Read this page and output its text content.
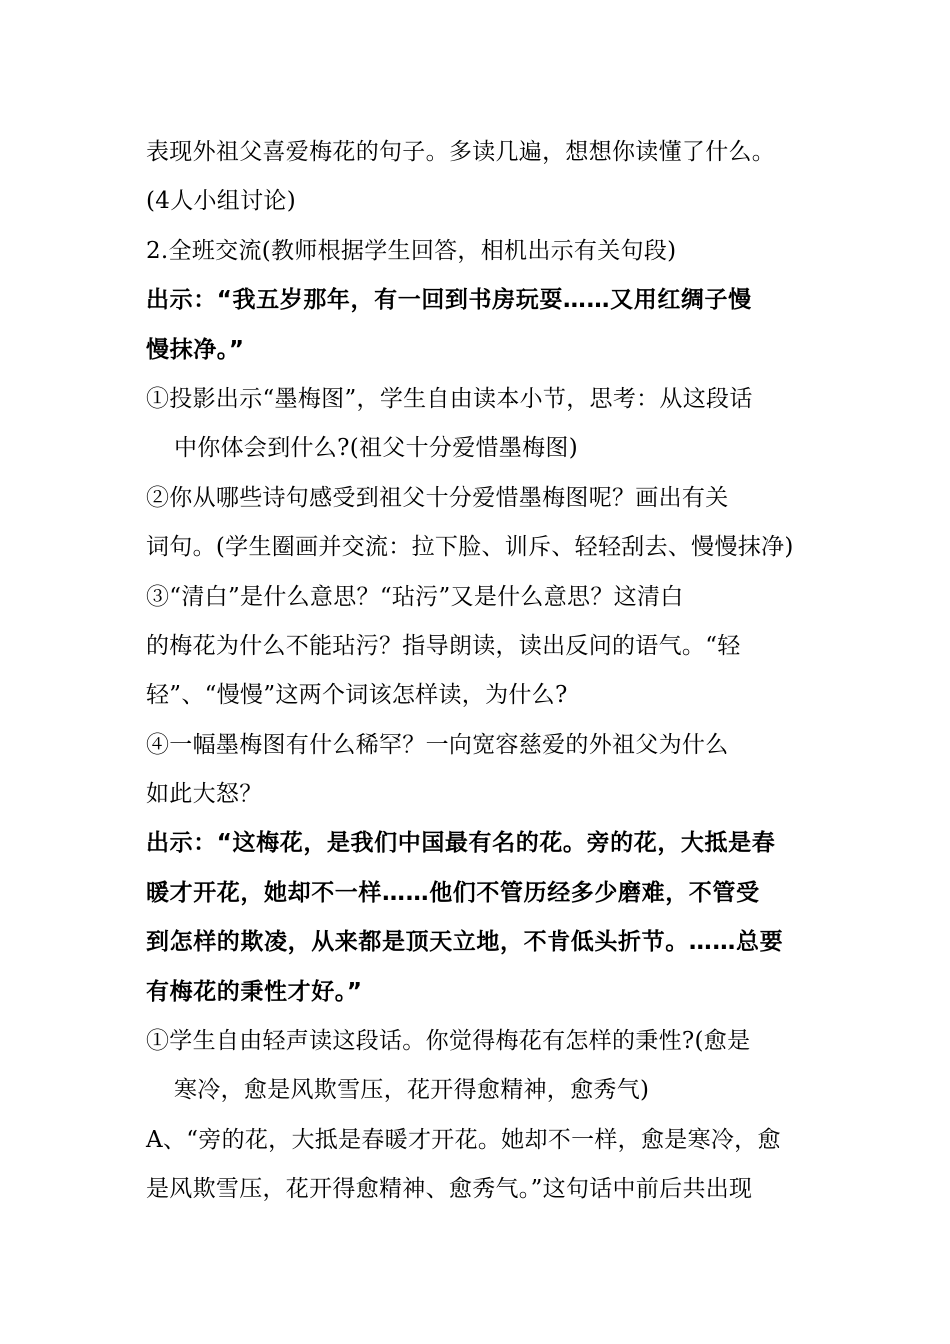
表现外祖父喜爱梅花的句子。多读几遍，想想你读懂了什么。
(4人小组讨论)
2.全班交流(教师根据学生回答，相机出示有关句段)
出示：“我五岁那年，有一回到书房玩耍……又用红绸子慢
慢抹净。”
①投影出示“墨梅图”，学生自由读本小节，思考：从这段话
中你体会到什么?(祖父十分爱惜墨梅图)
②你从哪些诗句感受到祖父十分爱惜墨梅图呢？画出有关
词句。(学生圈画并交流：拉下脸、训斥、轻轻刮去、慢慢抹净)
③“清白”是什么意思？“玷污”又是什么意思？这清白
的梅花为什么不能玷污？指导朗读，读出反问的语气。“轻
轻”、“慢慢”这两个词该怎样读，为什么?
④一幅墨梅图有什么稀罕？一向宽容慈爱的外祖父为什么
如此大怒？
出示：“这梅花，是我们中国最有名的花。旁的花，大抵是春
暖才开花，她却不一样……他们不管历经多少磨难，不管受
到怎样的欺凌，从来都是顶天立地，不肯低头折节。……总要
有梅花的秉性才好。”
①学生自由轻声读这段话。你觉得梅花有怎样的秉性?(愈是
寒冷，愈是风欺雪压，花开得愈精神，愈秀气)
A、“旁的花，大抵是春暖才开花。她却不一样，愈是寒冷，愈
是风欺雪压，花开得愈精神、愈秀气。”这句话中前后共出现
